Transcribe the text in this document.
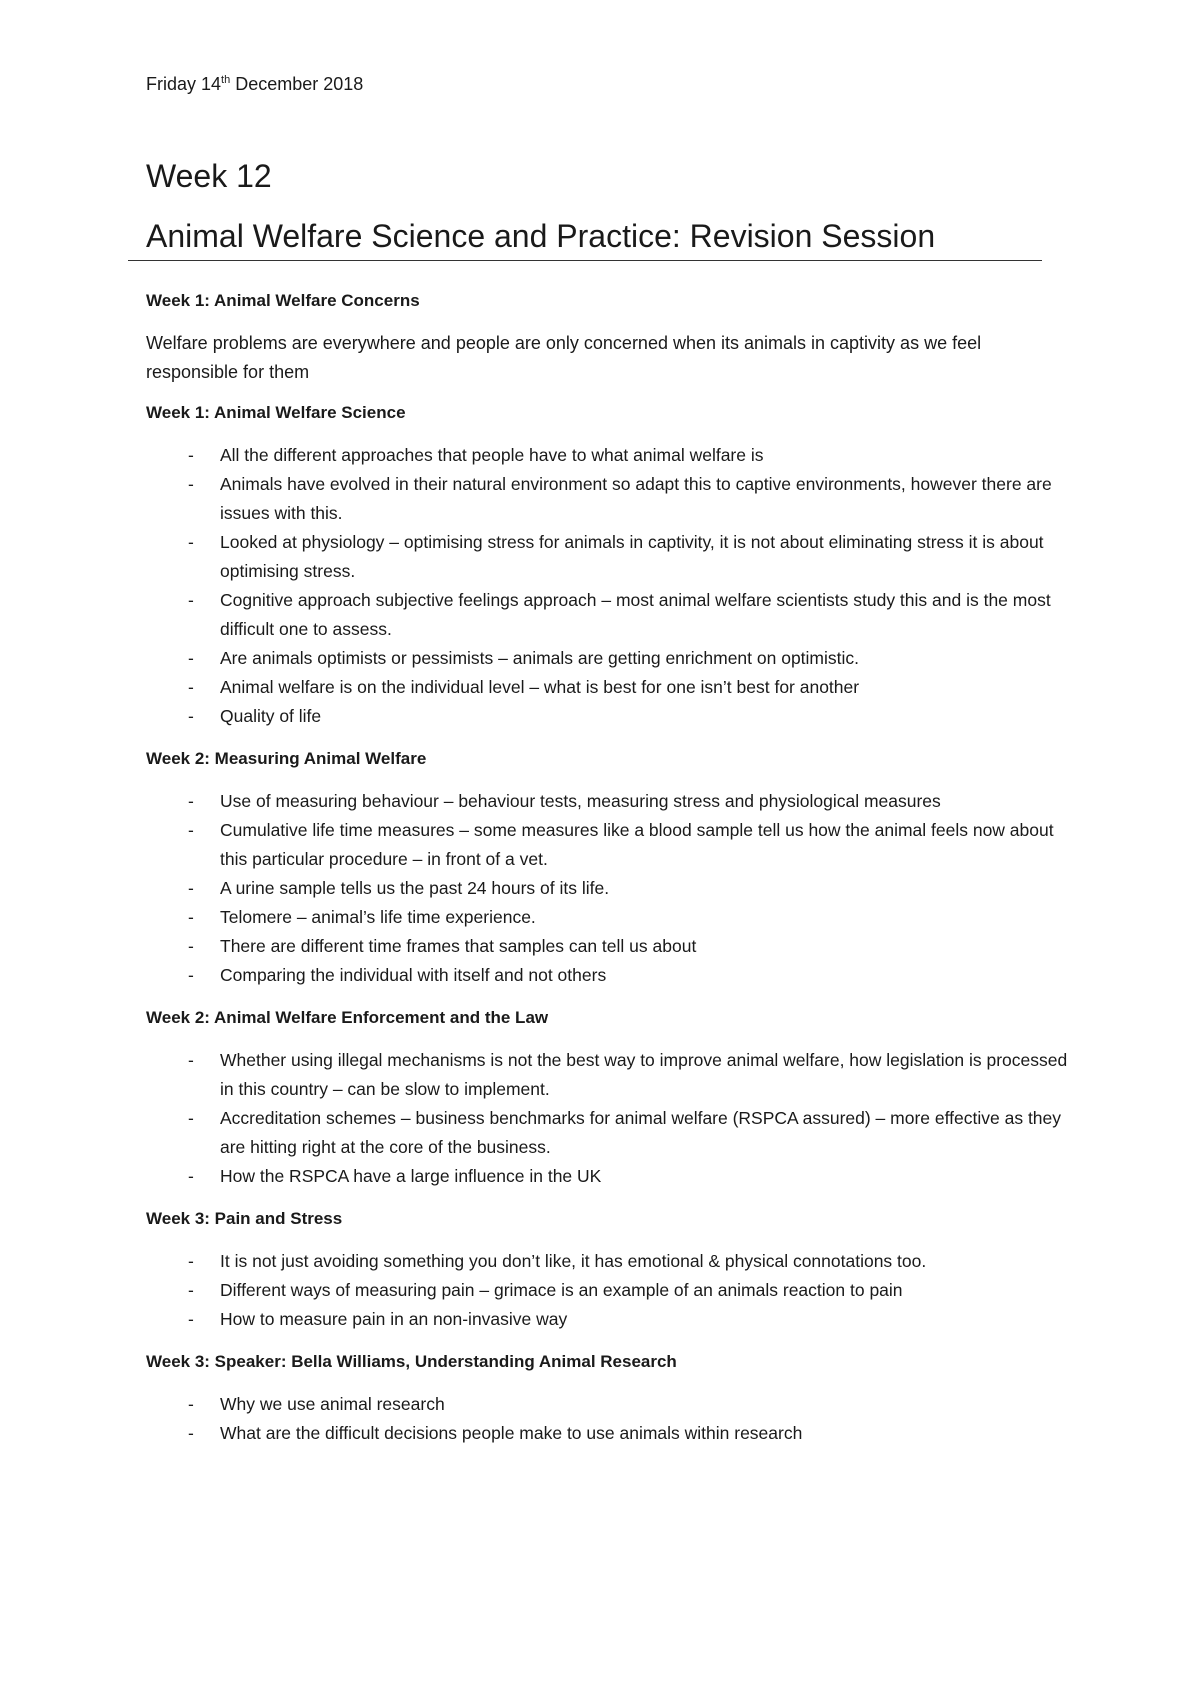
Friday 14th December 2018
Week 12
Animal Welfare Science and Practice: Revision Session
Week 1: Animal Welfare Concerns
Welfare problems are everywhere and people are only concerned when its animals in captivity as we feel responsible for them
Week 1: Animal Welfare Science
- All the different approaches that people have to what animal welfare is
- Animals have evolved in their natural environment so adapt this to captive environments, however there are issues with this.
- Looked at physiology – optimising stress for animals in captivity, it is not about eliminating stress it is about optimising stress.
- Cognitive approach subjective feelings approach – most animal welfare scientists study this and is the most difficult one to assess.
- Are animals optimists or pessimists – animals are getting enrichment on optimistic.
- Animal welfare is on the individual level – what is best for one isn’t best for another
- Quality of life
Week 2: Measuring Animal Welfare
- Use of measuring behaviour – behaviour tests, measuring stress and physiological measures
- Cumulative life time measures – some measures like a blood sample tell us how the animal feels now about this particular procedure – in front of a vet.
- A urine sample tells us the past 24 hours of its life.
- Telomere – animal’s life time experience.
- There are different time frames that samples can tell us about
- Comparing the individual with itself and not others
Week 2: Animal Welfare Enforcement and the Law
- Whether using illegal mechanisms is not the best way to improve animal welfare, how legislation is processed in this country – can be slow to implement.
- Accreditation schemes – business benchmarks for animal welfare (RSPCA assured) – more effective as they are hitting right at the core of the business.
- How the RSPCA have a large influence in the UK
Week 3: Pain and Stress
- It is not just avoiding something you don’t like, it has emotional & physical connotations too.
- Different ways of measuring pain – grimace is an example of an animals reaction to pain
- How to measure pain in an non-invasive way
Week 3: Speaker: Bella Williams, Understanding Animal Research
- Why we use animal research
- What are the difficult decisions people make to use animals within research
